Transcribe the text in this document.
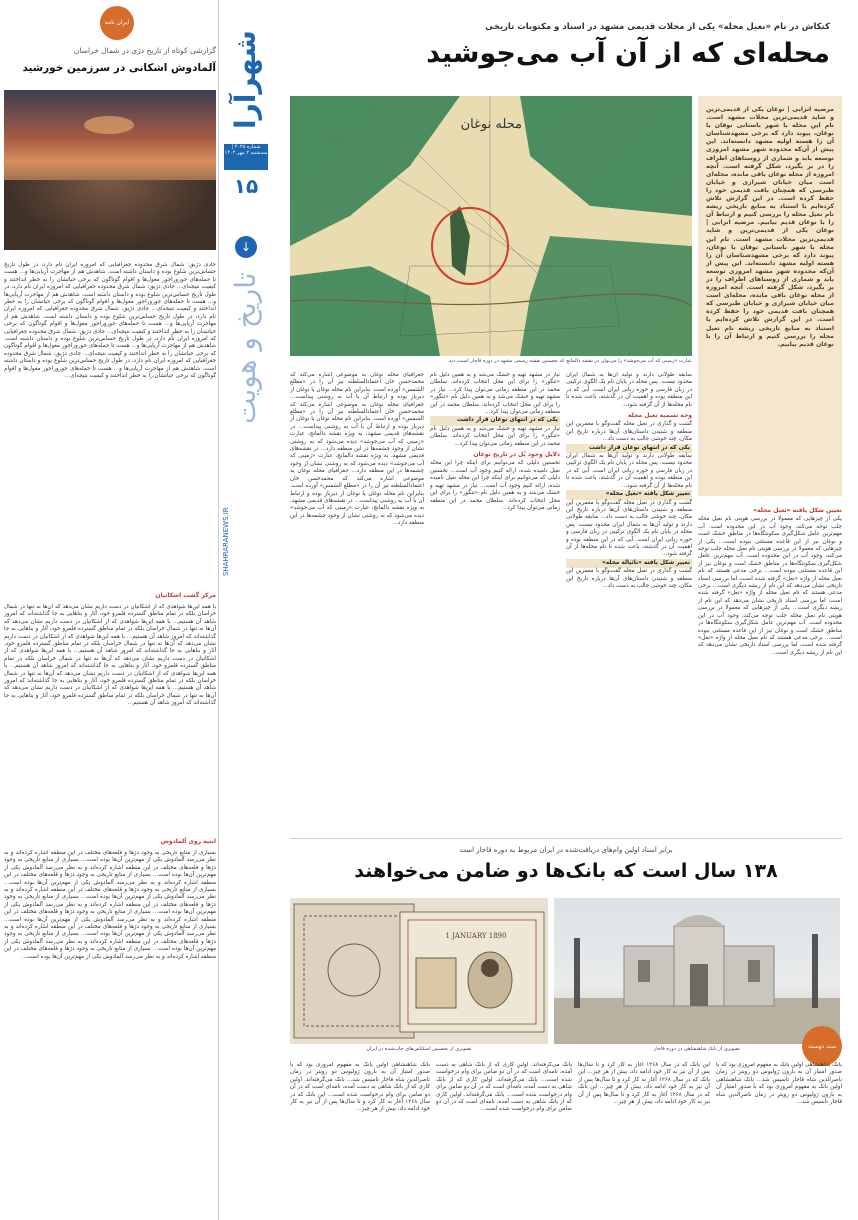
ایران نامه
گزارشی کوتاه از تاریخ دژی در شمال خراسان
آلمادوش اشکانی در سرزمین خورشید
جادی دژیق: شمال شرق محدوده جغرافیایی که امروزه ایران نام دارد، در طول تاریخ حساس‌ترین شلوغ بوده و داستان داشته است. شاهدش هم از مهاجرت آریایی‌ها و... هست تا حمله‌های جوروراجور مغول‌ها و اقوام گوناگون که برخی حیاتشان را به خطر انداختند و کیفیت نتیجه‌ای... جادی دژیق: شمال شرق محدوده جغرافیایی که امروزه ایران نام دارد، در طول تاریخ حساس‌ترین شلوغ بوده و داستان داشته است. شاهدش هم از مهاجرت آریایی‌ها و... هست تا حمله‌های جوروراجور مغول‌ها و اقوام گوناگون که برخی حیاتشان را به خطر انداختند و کیفیت نتیجه‌ای... جادی دژیق: شمال شرق محدوده جغرافیایی که امروزه ایران نام دارد، در طول تاریخ حساس‌ترین شلوغ بوده و داستان داشته است. شاهدش هم از مهاجرت آریایی‌ها و... هست تا حمله‌های جوروراجور مغول‌ها و اقوام گوناگون که برخی حیاتشان را به خطر انداختند و کیفیت نتیجه‌ای... جادی دژیق: شمال شرق محدوده جغرافیایی که امروزه ایران نام دارد، در طول تاریخ حساس‌ترین شلوغ بوده و داستان داشته است. شاهدش هم از مهاجرت آریایی‌ها و... هست تا حمله‌های جوروراجور مغول‌ها و اقوام گوناگون که برخی حیاتشان را به خطر انداختند و کیفیت نتیجه‌ای... جادی دژیق: شمال شرق محدوده جغرافیایی که امروزه ایران نام دارد، در طول تاریخ حساس‌ترین شلوغ بوده و داستان داشته است. شاهدش هم از مهاجرت آریایی‌ها و... هست تا حمله‌های جوروراجور مغول‌ها و اقوام گوناگون که برخی حیاتشان را به خطر انداختند و کیفیت نتیجه‌ای...
مرکز گشت اشکانیان
با همه این‌ها شواهدی که از اشکانیان در دست داریم نشان می‌دهد که آن‌ها نه تنها در شمال خراسان بلکه در تمام مناطق گسترده قلمرو خود، آثار و بناهایی به جا گذاشته‌اند که امروز شاهد آن هستیم... با همه این‌ها شواهدی که از اشکانیان در دست داریم نشان می‌دهد که آن‌ها نه تنها در شمال خراسان بلکه در تمام مناطق گسترده قلمرو خود، آثار و بناهایی به جا گذاشته‌اند که امروز شاهد آن هستیم... با همه این‌ها شواهدی که از اشکانیان در دست داریم نشان می‌دهد که آن‌ها نه تنها در شمال خراسان بلکه در تمام مناطق گسترده قلمرو خود، آثار و بناهایی به جا گذاشته‌اند که امروز شاهد آن هستیم... با همه این‌ها شواهدی که از اشکانیان در دست داریم نشان می‌دهد که آن‌ها نه تنها در شمال خراسان بلکه در تمام مناطق گسترده قلمرو خود، آثار و بناهایی به جا گذاشته‌اند که امروز شاهد آن هستیم... با همه این‌ها شواهدی که از اشکانیان در دست داریم نشان می‌دهد که آن‌ها نه تنها در شمال خراسان بلکه در تمام مناطق گسترده قلمرو خود، آثار و بناهایی به جا گذاشته‌اند که امروز شاهد آن هستیم... با همه این‌ها شواهدی که از اشکانیان در دست داریم نشان می‌دهد که آن‌ها نه تنها در شمال خراسان بلکه در تمام مناطق گسترده قلمرو خود، آثار و بناهایی به جا گذاشته‌اند که امروز شاهد آن هستیم...
ابنیه روی آلمادوش
بسیاری از منابع تاریخی به وجود دژها و قلعه‌های مختلف در این منطقه اشاره کرده‌اند و به نظر می‌رسد آلمادوش یکی از مهم‌ترین آن‌ها بوده است... بسیاری از منابع تاریخی به وجود دژها و قلعه‌های مختلف در این منطقه اشاره کرده‌اند و به نظر می‌رسد آلمادوش یکی از مهم‌ترین آن‌ها بوده است... بسیاری از منابع تاریخی به وجود دژها و قلعه‌های مختلف در این منطقه اشاره کرده‌اند و به نظر می‌رسد آلمادوش یکی از مهم‌ترین آن‌ها بوده است... بسیاری از منابع تاریخی به وجود دژها و قلعه‌های مختلف در این منطقه اشاره کرده‌اند و به نظر می‌رسد آلمادوش یکی از مهم‌ترین آن‌ها بوده است... بسیاری از منابع تاریخی به وجود دژها و قلعه‌های مختلف در این منطقه اشاره کرده‌اند و به نظر می‌رسد آلمادوش یکی از مهم‌ترین آن‌ها بوده است... بسیاری از منابع تاریخی به وجود دژها و قلعه‌های مختلف در این منطقه اشاره کرده‌اند و به نظر می‌رسد آلمادوش یکی از مهم‌ترین آن‌ها بوده است... بسیاری از منابع تاریخی به وجود دژها و قلعه‌های مختلف در این منطقه اشاره کرده‌اند و به نظر می‌رسد آلمادوش یکی از مهم‌ترین آن‌ها بوده است... بسیاری از منابع تاریخی به وجود دژها و قلعه‌های مختلف در این منطقه اشاره کرده‌اند و به نظر می‌رسد آلمادوش یکی از مهم‌ترین آن‌ها بوده است... بسیاری از منابع تاریخی به وجود دژها و قلعه‌های مختلف در این منطقه اشاره کرده‌اند و به نظر می‌رسد آلمادوش یکی از مهم‌ترین آن‌ها بوده است...
شهرآرا
شماره ۴۰۲۸ | سه‌شنبه ۲ مهر ۱۴۰۲
۱۵
↓
تاریخ و هویت
SHAHRARANEWS.IR
کنکاش در نام «نعیل محله» یکی از محلات قدیمی مشهد در اسناد و مکتوبات تاریخی
محله‌ای که از آن آب می‌جوشید
محله نوغان
عبارت «زمینی که آب می‌جوشد» را می‌توان در نقشه دالمانچ که نخستین نقشه رسمی مشهد در دوره قاجار است، دید.
مرضیه انزابی | نوغان یکی از قدیمی‌ترین و شاید قدیمی‌ترین محلات مشهد است. نام این محله با شهر باستانی نوقان یا نوغان، پیوند دارد که برخی مشهدشناسان آن را هسته اولیه مشهد دانسته‌اند. این پیش از آن‌که محدوده شهر مشهد امروزی توسعه یابد و شماری از روستاهای اطراف را در بر بگیرد، شکل گرفته است. آنچه امروزه از محله نوغان باقی مانده، محله‌ای است میان خیابان شیرازی و خیابان طبرسی که همچنان بافت قدیمی خود را حفظ کرده است. در این گزارش تلاش کرده‌ایم با استناد به منابع تاریخی ریشه نام نعیل محله را بررسی کنیم و ارتباط آن را با نوغان قدیم بیابیم. مرضیه انزابی | نوغان یکی از قدیمی‌ترین و شاید قدیمی‌ترین محلات مشهد است. نام این محله با شهر باستانی نوقان یا نوغان، پیوند دارد که برخی مشهدشناسان آن را هسته اولیه مشهد دانسته‌اند. این پیش از آن‌که محدوده شهر مشهد امروزی توسعه یابد و شماری از روستاهای اطراف را در بر بگیرد، شکل گرفته است. آنچه امروزه از محله نوغان باقی مانده، محله‌ای است میان خیابان شیرازی و خیابان طبرسی که همچنان بافت قدیمی خود را حفظ کرده است. در این گزارش تلاش کرده‌ایم با استناد به منابع تاریخی ریشه نام نعیل محله را بررسی کنیم و ارتباط آن را با نوغان قدیم بیابیم.
تعیین شکل یافته «نعیل محله»
یکی از چیزهایی که معمولا در بررسی هویتی نام نعیل محله جلب توجه می‌کند، وجود آب در این محدوده است. آب مهم‌ترین عامل شکل‌گیری سکونتگاه‌ها در مناطق خشک است و نوغان نیز از این قاعده مستثنی نبوده است... یکی از چیزهایی که معمولا در بررسی هویتی نام نعیل محله جلب توجه می‌کند، وجود آب در این محدوده است. آب مهم‌ترین عامل شکل‌گیری سکونتگاه‌ها در مناطق خشک است و نوغان نیز از این قاعده مستثنی نبوده است... برخی مدعی هستند که نام نعیل محله از واژه «نعل» گرفته شده است، اما بررسی اسناد تاریخی نشان می‌دهد که این نام از ریشه دیگری است... برخی مدعی هستند که نام نعیل محله از واژه «نعل» گرفته شده است، اما بررسی اسناد تاریخی نشان می‌دهد که این نام از ریشه دیگری است... یکی از چیزهایی که معمولا در بررسی هویتی نام نعیل محله جلب توجه می‌کند، وجود آب در این محدوده است. آب مهم‌ترین عامل شکل‌گیری سکونتگاه‌ها در مناطق خشک است و نوغان نیز از این قاعده مستثنی نبوده است... برخی مدعی هستند که نام نعیل محله از واژه «نعل» گرفته شده است، اما بررسی اسناد تاریخی نشان می‌دهد که این نام از ریشه دیگری است...
سابقه طولانی دارند و تولید آن‌ها به شمال ایران محدود نیست. پس محله در پایان نام یک الگوی ترکیبی در زبان فارسی و حوزه زبانی ایران است. آبی که در این منطقه بوده و اهمیت آن در گذشته، باعث شده تا نام محله‌ها از آن گرفته شود...
وجه تسمیه نعیل محله
گشت و گذاری در نعیل محله گفت‌وگو با معمرین این منطقه و شنیدن داستان‌های آن‌ها درباره تاریخ این مکان، چند خوشی جالب به دست داد...
یکی که در انتهای نوغان قرار داشت
سابقه طولانی دارند و تولید آن‌ها به شمال ایران محدود نیست. پس محله در پایان نام یک الگوی ترکیبی در زبان فارسی و حوزه زبانی ایران است. آبی که در این منطقه بوده و اهمیت آن در گذشته، باعث شده تا نام محله‌ها از آن گرفته شود...
تغییر شکل یافته «نعیل محله»
گشت و گذاری در نعیل محله گفت‌وگو با معمرین این منطقه و شنیدن داستان‌های آن‌ها درباره تاریخ این مکان، چند خوشی جالب به دست داد... سابقه طولانی دارند و تولید آن‌ها به شمال ایران محدود نیست. پس محله در پایان نام یک الگوی ترکیبی در زبان فارسی و حوزه زبانی ایران است. آبی که در این منطقه بوده و اهمیت آن در گذشته، باعث شده تا نام محله‌ها از آن گرفته شود...
تغییر شکل یافته «نائیالة محله»
گشت و گذاری در نعیل محله گفت‌وگو با معمرین این منطقه و شنیدن داستان‌های آن‌ها درباره تاریخ این مکان، چند خوشی جالب به دست داد...
نیاز در مشهد تهیه و خشک می‌شد و به همین دلیل نام «تنگور» را برای این محل انتخاب کرده‌اند. سلطان محمد در این منطقه زمانی می‌توان پیدا کرد... نیاز در مشهد تهیه و خشک می‌شد و به همین دلیل نام «تنگور» را برای این محل انتخاب کرده‌اند. سلطان محمد در این منطقه زمانی می‌توان پیدا کرد...
یکی که در انتهای نوغان قرار داشت
نیاز در مشهد تهیه و خشک می‌شد و به همین دلیل نام «تنگور» را برای این محل انتخاب کرده‌اند. سلطان محمد در این منطقه زمانی می‌توان پیدا کرد...
دلایل وجود پُل در تاریخ نوغان
نخستین دلیلی که می‌توانیم برای اینکه چرا این محله نعیل نامیده شده، ارائه کنیم وجود آب است... نخستین دلیلی که می‌توانیم برای اینکه چرا این محله نعیل نامیده شده، ارائه کنیم وجود آب است... نیاز در مشهد تهیه و خشک می‌شد و به همین دلیل نام «تنگور» را برای این محل انتخاب کرده‌اند. سلطان محمد در این منطقه زمانی می‌توان پیدا کرد...
جغرافیای محله نوغان به موضوعی اشاره می‌کند که محمدحسن خان اعتمادالسلطنه نیز آن را در «مطلع الشمس» آورده است. بنابراین نام محله نوغان یا نوغان از دیرباز بوده و ارتباط آن با آب به روشنی پیداست... جغرافیای محله نوغان به موضوعی اشاره می‌کند که محمدحسن خان اعتمادالسلطنه نیز آن را در «مطلع الشمس» آورده است. بنابراین نام محله نوغان یا نوغان از دیرباز بوده و ارتباط آن با آب به روشنی پیداست... در نقشه‌های قدیمی مشهد، به ویژه نقشه دالمانچ، عبارت «زمینی که آب می‌جوشد» دیده می‌شود که به روشنی نشان از وجود چشمه‌ها در این منطقه دارد... در نقشه‌های قدیمی مشهد، به ویژه نقشه دالمانچ، عبارت «زمینی که آب می‌جوشد» دیده می‌شود که به روشنی نشان از وجود چشمه‌ها در این منطقه دارد... جغرافیای محله نوغان به موضوعی اشاره می‌کند که محمدحسن خان اعتمادالسلطنه نیز آن را در «مطلع الشمس» آورده است. بنابراین نام محله نوغان یا نوغان از دیرباز بوده و ارتباط آن با آب به روشنی پیداست... در نقشه‌های قدیمی مشهد، به ویژه نقشه دالمانچ، عبارت «زمینی که آب می‌جوشد» دیده می‌شود که به روشنی نشان از وجود چشمه‌ها در این منطقه دارد...
برابر اسناد اولین وام‌های دریافت‌شده در ایران مربوط به دوره قاجار است
۱۳۸ سال است که بانک‌ها دو ضامن می‌خواهند
تصویری از بانک شاهنشاهی در دوره قاجار
1 JANUARY 1890
تصویری از نخستین اسکناس‌های چاپ‌شده در ایران	سند دوست
بانک شاهنشاهی اولین بانک به مفهوم امروزی بود که با صدور امتیاز آن به بارون ژولیوس دو رویتر در زمان ناصرالدین شاه قاجار تاسیس شد... بانک شاهنشاهی اولین بانک به مفهوم امروزی بود که با صدور امتیاز آن به بارون ژولیوس دو رویتر در زمان ناصرالدین شاه قاجار تاسیس شد...
این بانک که در سال ۱۲۶۸ آغاز به کار کرد و تا سال‌ها پس از آن نیز به کار خود ادامه داد، بیش از هر چیز... این بانک که در سال ۱۲۶۸ آغاز به کار کرد و تا سال‌ها پس از آن نیز به کار خود ادامه داد، بیش از هر چیز... این بانک که در سال ۱۲۶۸ آغاز به کار کرد و تا سال‌ها پس از آن نیز به کار خود ادامه داد، بیش از هر چیز...
بانک می‌گرفته‌اند. اولین کاری که از بانک شاهی به دست آمده، نامه‌ای است که در آن دو ضامن برای وام درخواست شده است... بانک می‌گرفته‌اند. اولین کاری که از بانک شاهی به دست آمده، نامه‌ای است که در آن دو ضامن برای وام درخواست شده است... بانک می‌گرفته‌اند. اولین کاری که از بانک شاهی به دست آمده، نامه‌ای است که در آن دو ضامن برای وام درخواست شده است...
بانک شاهنشاهی اولین بانک به مفهوم امروزی بود که با صدور امتیاز آن به بارون ژولیوس دو رویتر در زمان ناصرالدین شاه قاجار تاسیس شد... بانک می‌گرفته‌اند. اولین کاری که از بانک شاهی به دست آمده، نامه‌ای است که در آن دو ضامن برای وام درخواست شده است... این بانک که در سال ۱۲۶۸ آغاز به کار کرد و تا سال‌ها پس از آن نیز به کار خود ادامه داد، بیش از هر چیز...
